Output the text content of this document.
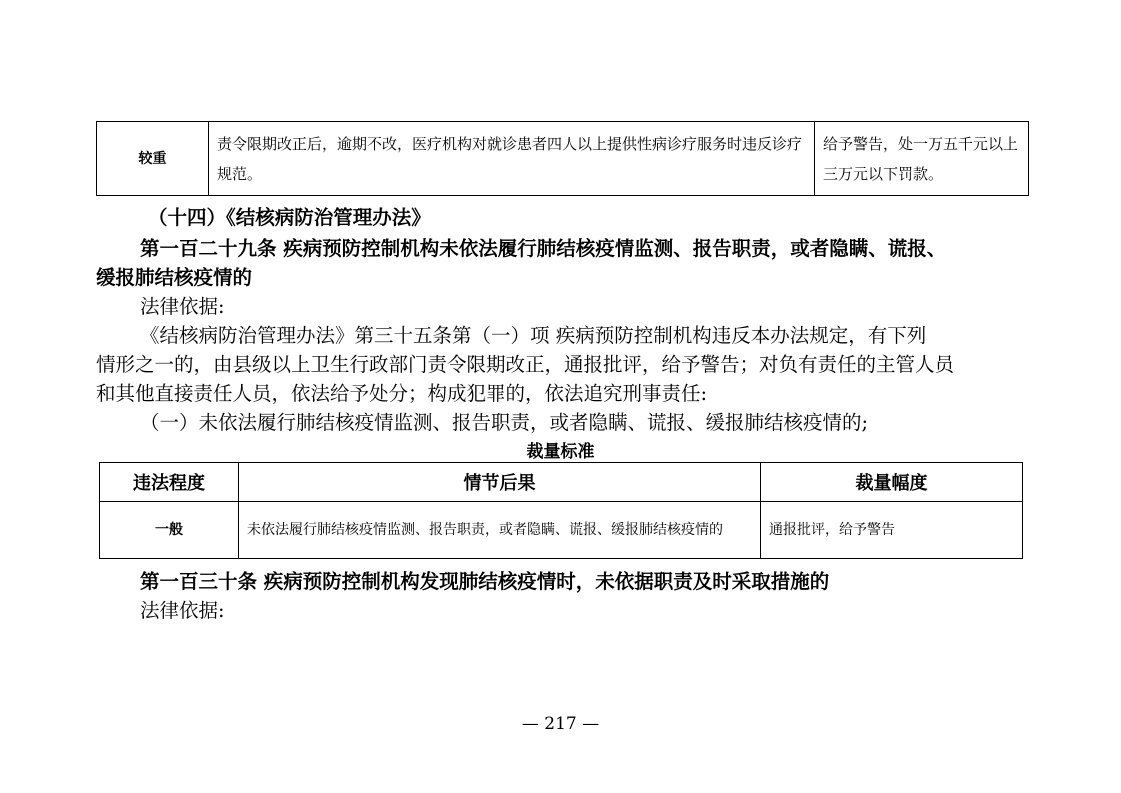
较重	责令限期改正后，逾期不改，医疗机构对就诊患者四人以上提供性病诊疗服务时违反诊疗规范。	给予警告，处一万五千元以上三万元以下罚款。
（十四）《结核病防治管理办法》
第一百二十九条 疾病预防控制机构未依法履行肺结核疫情监测、报告职责，或者隐瞒、谎报、
缓报肺结核疫情的
法律依据:
《结核病防治管理办法》第三十五条第（一）项 疾病预防控制机构违反本办法规定，有下列
情形之一的，由县级以上卫生行政部门责令限期改正，通报批评，给予警告；对负有责任的主管人员
和其他直接责任人员，依法给予处分；构成犯罪的，依法追究刑事责任:
（一）未依法履行肺结核疫情监测、报告职责，或者隐瞒、谎报、缓报肺结核疫情的;
裁量标准
违法程度	情节后果	裁量幅度
一般	未依法履行肺结核疫情监测、报告职责，或者隐瞒、谎报、缓报肺结核疫情的	通报批评，给予警告
第一百三十条 疾病预防控制机构发现肺结核疫情时，未依据职责及时采取措施的
法律依据:
— 217 —
